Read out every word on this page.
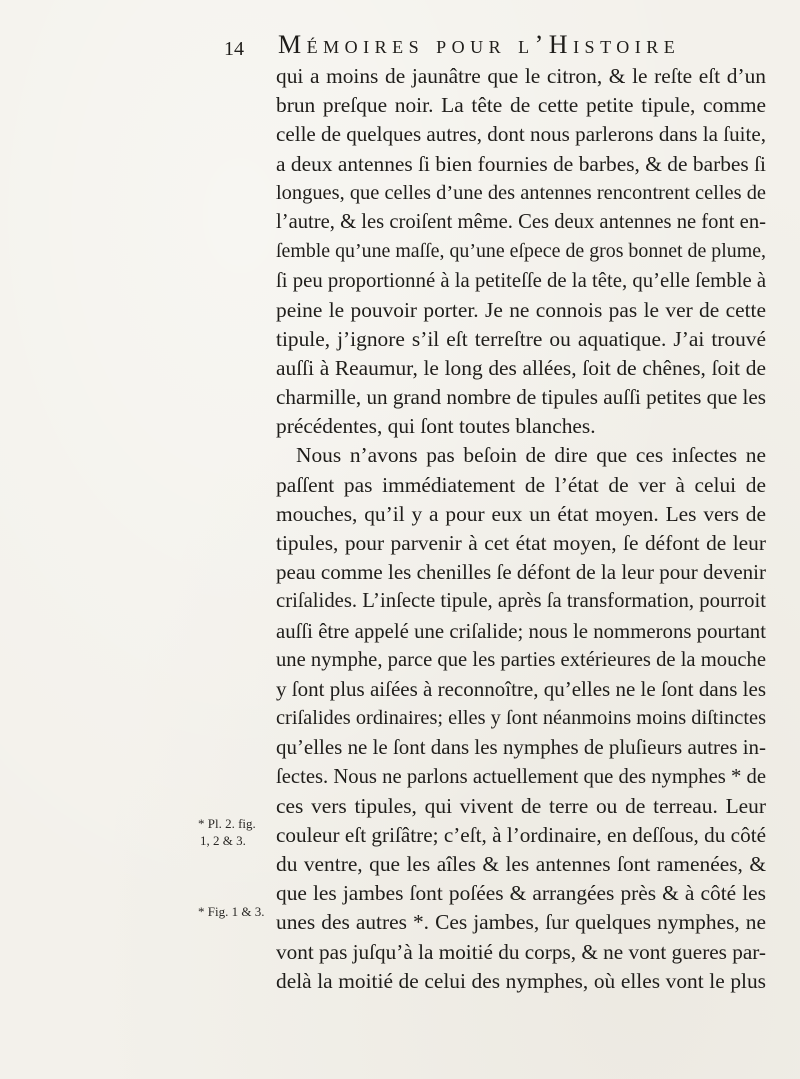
14 Mémoires pour l’Histoire
qui a moins de jaunâtre que le citron, & le reſte eſt d’un
brun preſque noir. La tête de cette petite tipule, comme
celle de quelques autres, dont nous parlerons dans la ſuite,
a deux antennes ſi bien fournies de barbes, & de barbes ſi
longues, que celles d’une des antennes rencontrent celles de
l’autre, & les croiſent même. Ces deux antennes ne font en-
ſemble qu’une maſſe, qu’une eſpece de gros bonnet de plume,
ſi peu proportionné à la petiteſſe de la tête, qu’elle ſemble à
peine le pouvoir porter. Je ne connois pas le ver de cette
tipule, j’ignore s’il eſt terreſtre ou aquatique. J’ai trouvé
auſſi à Reaumur, le long des allées, ſoit de chênes, ſoit de
charmille, un grand nombre de tipules auſſi petites que les
précédentes, qui ſont toutes blanches.
Nous n’avons pas beſoin de dire que ces inſectes ne
paſſent pas immédiatement de l’état de ver à celui de
mouches, qu’il y a pour eux un état moyen. Les vers de
tipules, pour parvenir à cet état moyen, ſe défont de leur
peau comme les chenilles ſe défont de la leur pour devenir
criſalides. L’inſecte tipule, après ſa transformation, pourroit
auſſi être appelé une criſalide; nous le nommerons pourtant
une nymphe, parce que les parties extérieures de la mouche
y ſont plus aiſées à reconnoître, qu’elles ne le ſont dans les
criſalides ordinaires; elles y ſont néanmoins moins diſtinctes
qu’elles ne le ſont dans les nymphes de pluſieurs autres in-
ſectes. Nous ne parlons actuellement que des nymphes * de
ces vers tipules, qui vivent de terre ou de terreau. Leur
couleur eſt griſâtre; c’eſt, à l’ordinaire, en deſſous, du côté
du ventre, que les aîles & les antennes ſont ramenées, &
que les jambes ſont poſées & arrangées près & à côté les
unes des autres *. Ces jambes, ſur quelques nymphes, ne
vont pas juſqu’à la moitié du corps, & ne vont gueres par-
delà la moitié de celui des nymphes, où elles vont le plus
* Pl. 2. fig.
1, 2 & 3.
* Fig. 1 & 3.
